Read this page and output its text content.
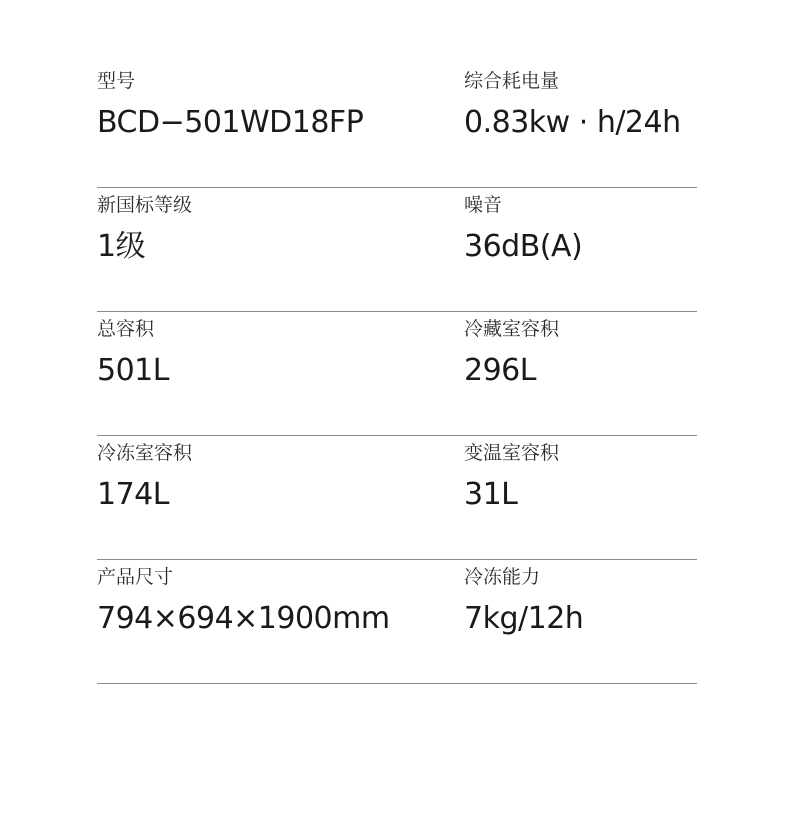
型号
BCD−501WD18FP
综合耗电量
0.83kw · h/24h
新国标等级
1级
噪音
36dB(A)
总容积
501L
冷藏室容积
296L
冷冻室容积
174L
变温室容积
31L
产品尺寸
794×694×1900mm
冷冻能力
7kg/12h
